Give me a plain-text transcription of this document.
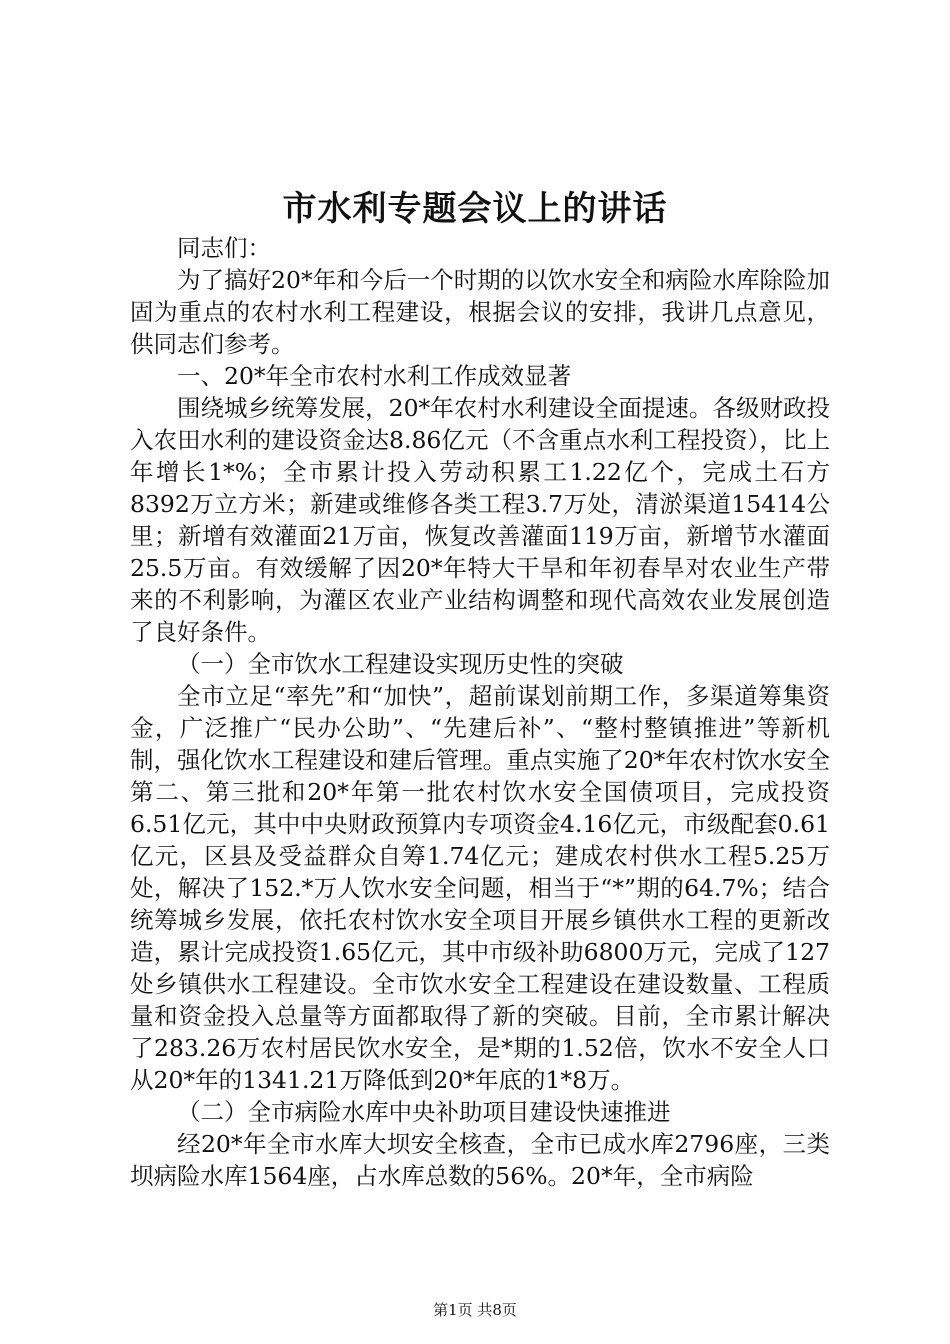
市水利专题会议上的讲话

同志们：

为了搞好20*年和今后一个时期的以饮水安全和病险水库除险加固为重点的农村水利工程建设，根据会议的安排，我讲几点意见，供同志们参考。

一、20*年全市农村水利工作成效显著

围绕城乡统筹发展，20*年农村水利建设全面提速。各级财政投入农田水利的建设资金达8.86亿元（不含重点水利工程投资），比上年增长1*%；全市累计投入劳动积累工1.22亿个，完成土石方8392万立方米；新建或维修各类工程3.7万处，清淤渠道15414公里；新增有效灌面21万亩，恢复改善灌面119万亩，新增节水灌面25.5万亩。有效缓解了因20*年特大干旱和年初春旱对农业生产带来的不利影响，为灌区农业产业结构调整和现代高效农业发展创造了良好条件。

（一）全市饮水工程建设实现历史性的突破

全市立足“率先”和“加快”，超前谋划前期工作，多渠道筹集资金，广泛推广“民办公助”、“先建后补”、“整村整镇推进”等新机制，强化饮水工程建设和建后管理。重点实施了20*年农村饮水安全第二、第三批和20*年第一批农村饮水安全国债项目，完成投资6.51亿元，其中中央财政预算内专项资金4.16亿元，市级配套0.61亿元，区县及受益群众自筹1.74亿元；建成农村供水工程5.25万处，解决了152.*万人饮水安全问题，相当于“*”期的64.7%；结合统筹城乡发展，依托农村饮水安全项目开展乡镇供水工程的更新改造，累计完成投资1.65亿元，其中市级补助6800万元，完成了127处乡镇供水工程建设。全市饮水安全工程建设在建设数量、工程质量和资金投入总量等方面都取得了新的突破。目前，全市累计解决了283.26万农村居民饮水安全，是*期的1.52倍，饮水不安全人口从20*年的1341.21万降低到20*年底的1*8万。

（二）全市病险水库中央补助项目建设快速推进

经20*年全市水库大坝安全核查，全市已成水库2796座，三类坝病险水库1564座，占水库总数的56%。20*年，全市病险

第1页 共8页
